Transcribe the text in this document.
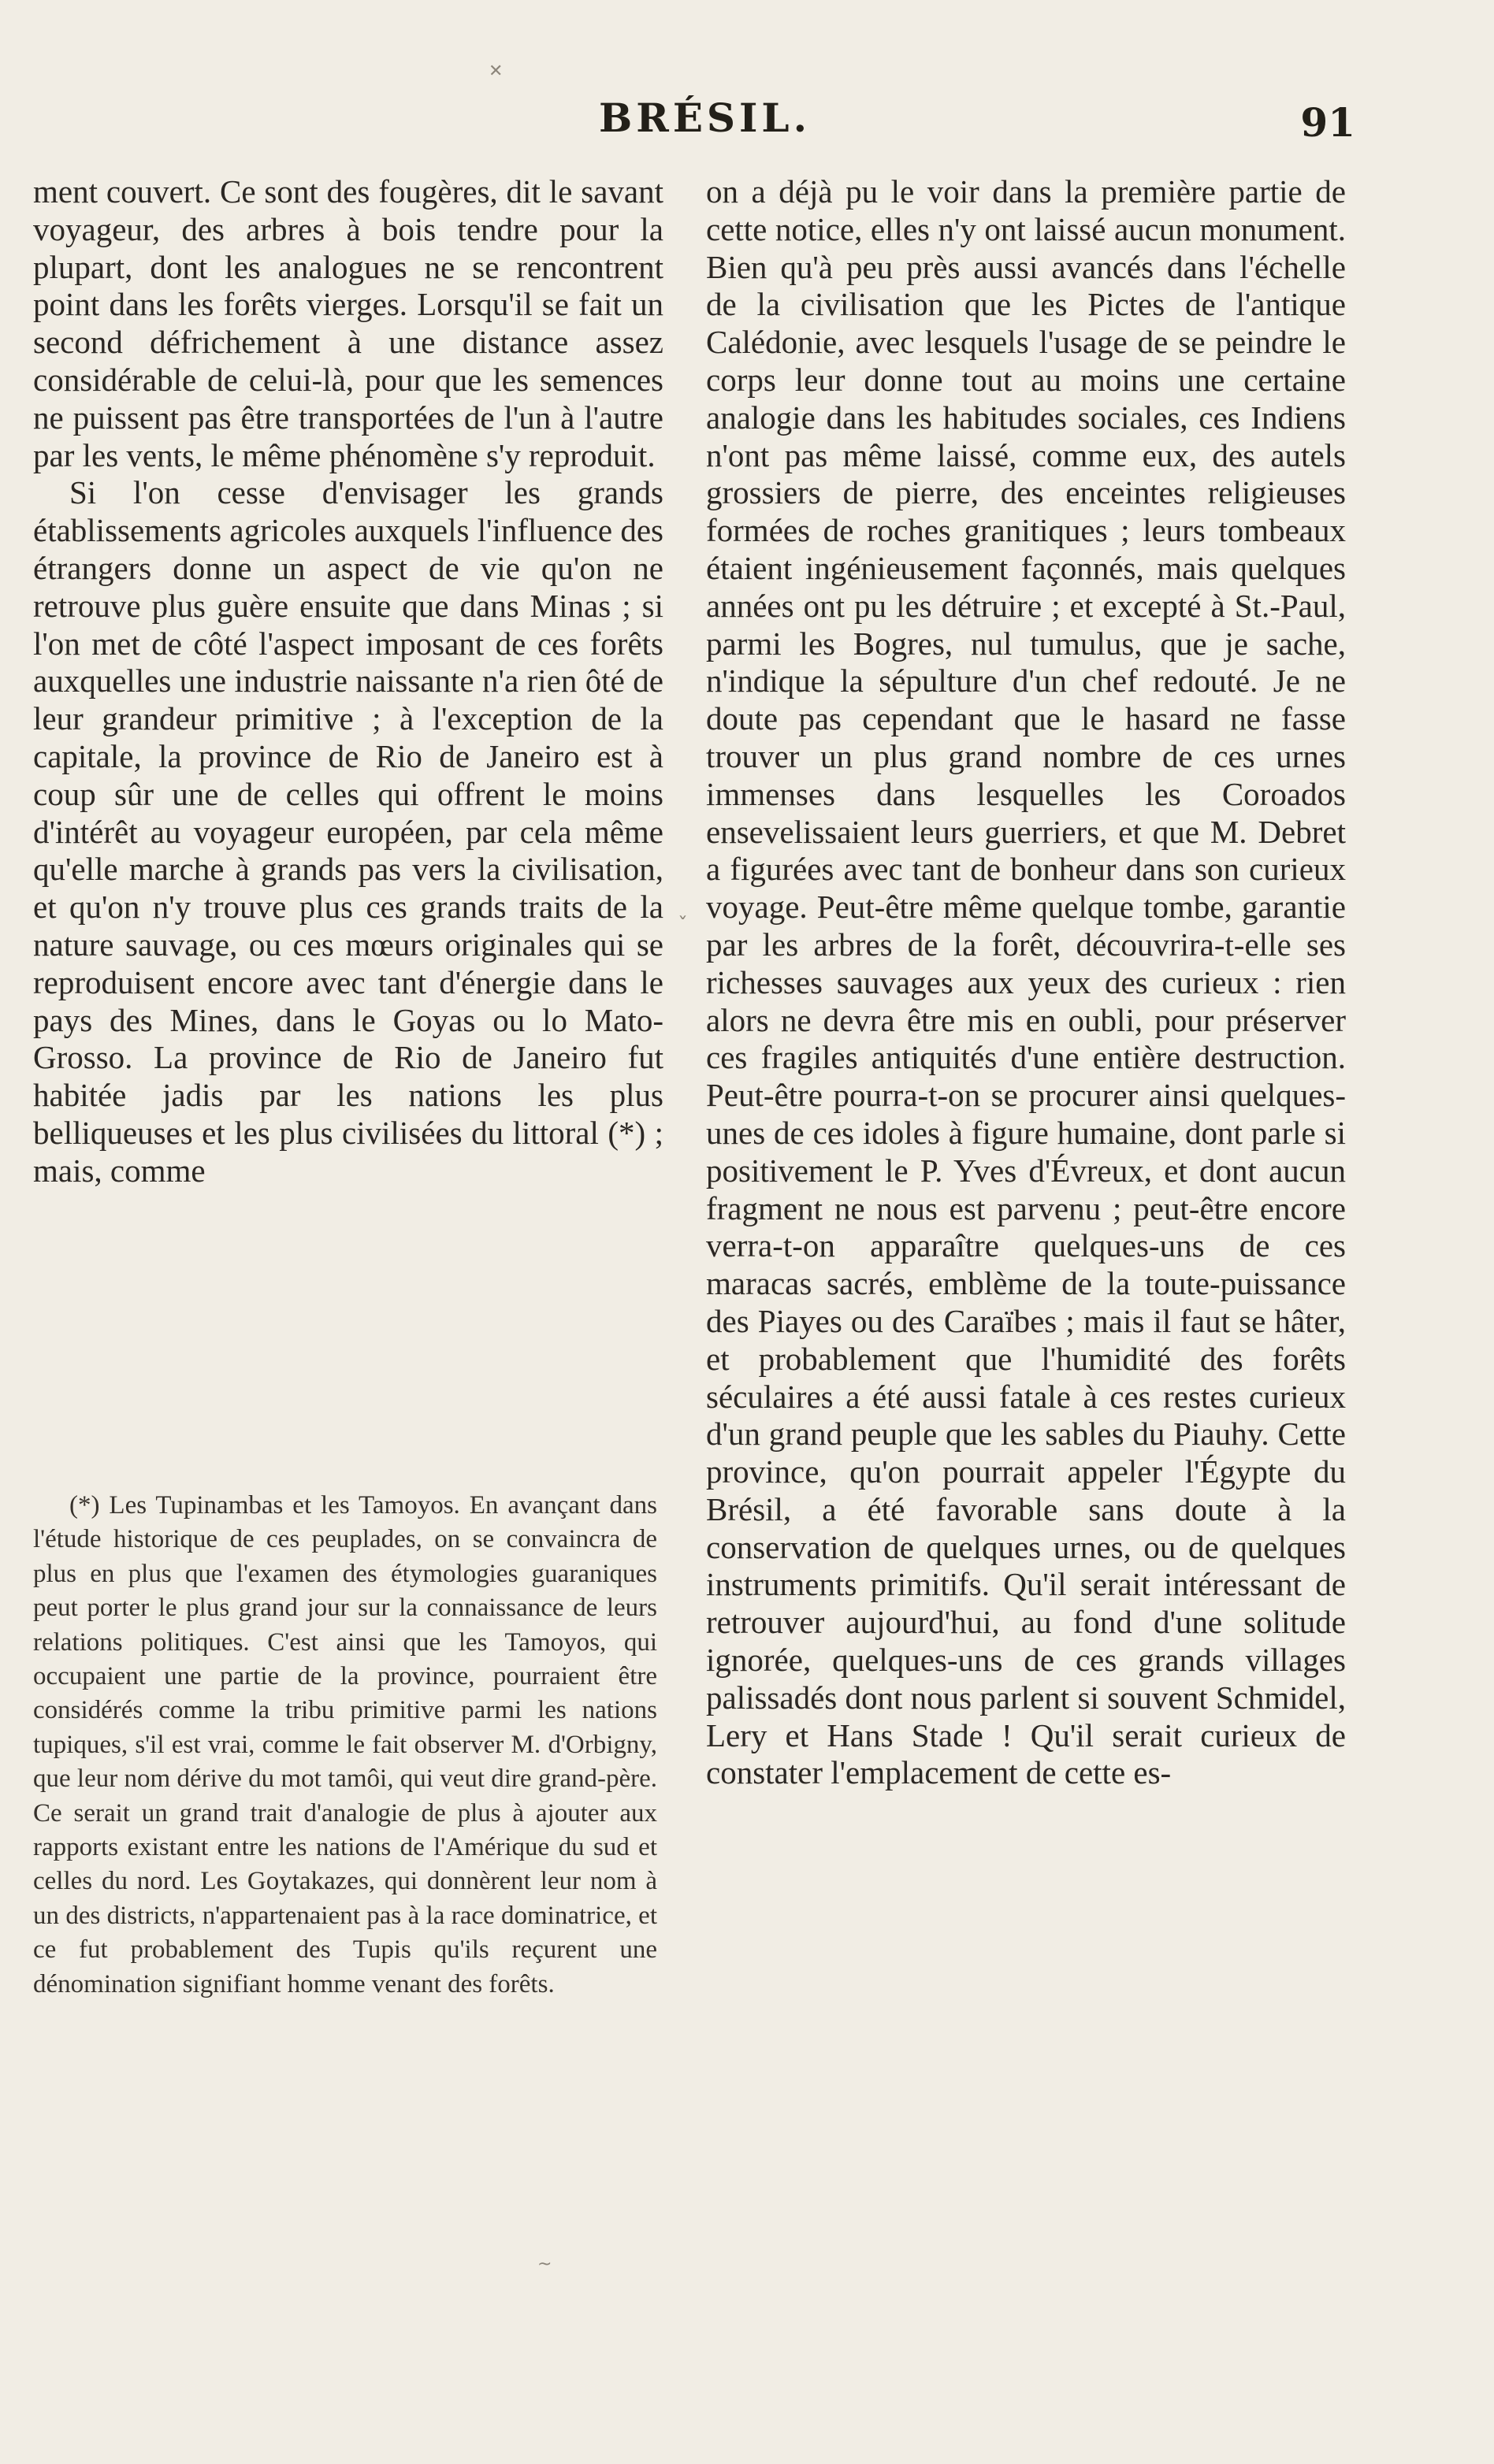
✕
ˇ
~
BRÉSIL.	91

ment couvert. Ce sont des fougères, dit le savant voyageur, des arbres à bois tendre pour la plupart, dont les analogues ne se rencontrent point dans les forêts vierges. Lorsqu'il se fait un second défrichement à une distance assez considérable de celui-là, pour que les semences ne puissent pas être transportées de l'un à l'autre par les vents, le même phénomène s'y reproduit.

Si l'on cesse d'envisager les grands établissements agricoles auxquels l'influence des étrangers donne un aspect de vie qu'on ne retrouve plus guère ensuite que dans Minas ; si l'on met de côté l'aspect imposant de ces forêts auxquelles une industrie naissante n'a rien ôté de leur grandeur primitive ; à l'exception de la capitale, la province de Rio de Janeiro est à coup sûr une de celles qui offrent le moins d'intérêt au voyageur européen, par cela même qu'elle marche à grands pas vers la civilisation, et qu'on n'y trouve plus ces grands traits de la nature sauvage, ou ces mœurs originales qui se reproduisent encore avec tant d'énergie dans le pays des Mines, dans le Goyas ou lo Mato-Grosso. La province de Rio de Janeiro fut habitée jadis par les nations les plus belliqueuses et les plus civilisées du littoral (*) ; mais, comme

(*) Les Tupinambas et les Tamoyos. En avançant dans l'étude historique de ces peuplades, on se convaincra de plus en plus que l'examen des étymologies guaraniques peut porter le plus grand jour sur la connaissance de leurs relations politiques. C'est ainsi que les Tamoyos, qui occupaient une partie de la province, pourraient être considérés comme la tribu primitive parmi les nations tupiques, s'il est vrai, comme le fait observer M. d'Orbigny, que leur nom dérive du mot tamôi, qui veut dire grand-père. Ce serait un grand trait d'analogie de plus à ajouter aux rapports existant entre les nations de l'Amérique du sud et celles du nord. Les Goytakazes, qui donnèrent leur nom à un des districts, n'appartenaient pas à la race dominatrice, et ce fut probablement des Tupis qu'ils reçurent une dénomination signifiant homme venant des forêts.

on a déjà pu le voir dans la première partie de cette notice, elles n'y ont laissé aucun monument. Bien qu'à peu près aussi avancés dans l'échelle de la civilisation que les Pictes de l'antique Calédonie, avec lesquels l'usage de se peindre le corps leur donne tout au moins une certaine analogie dans les habitudes sociales, ces Indiens n'ont pas même laissé, comme eux, des autels grossiers de pierre, des enceintes religieuses formées de roches granitiques ; leurs tombeaux étaient ingénieusement façonnés, mais quelques années ont pu les détruire ; et excepté à St.-Paul, parmi les Bogres, nul tumulus, que je sache, n'indique la sépulture d'un chef redouté. Je ne doute pas cependant que le hasard ne fasse trouver un plus grand nombre de ces urnes immenses dans lesquelles les Coroados ensevelissaient leurs guerriers, et que M. Debret a figurées avec tant de bonheur dans son curieux voyage. Peut-être même quelque tombe, garantie par les arbres de la forêt, découvrira-t-elle ses richesses sauvages aux yeux des curieux : rien alors ne devra être mis en oubli, pour préserver ces fragiles antiquités d'une entière destruction. Peut-être pourra-t-on se procurer ainsi quelques-unes de ces idoles à figure humaine, dont parle si positivement le P. Yves d'Évreux, et dont aucun fragment ne nous est parvenu ; peut-être encore verra-t-on apparaître quelques-uns de ces maracas sacrés, emblème de la toute-puissance des Piayes ou des Caraïbes ; mais il faut se hâter, et probablement que l'humidité des forêts séculaires a été aussi fatale à ces restes curieux d'un grand peuple que les sables du Piauhy. Cette province, qu'on pourrait appeler l'Égypte du Brésil, a été favorable sans doute à la conservation de quelques urnes, ou de quelques instruments primitifs. Qu'il serait intéressant de retrouver aujourd'hui, au fond d'une solitude ignorée, quelques-uns de ces grands villages palissadés dont nous parlent si souvent Schmidel, Lery et Hans Stade ! Qu'il serait curieux de constater l'emplacement de cette es-
